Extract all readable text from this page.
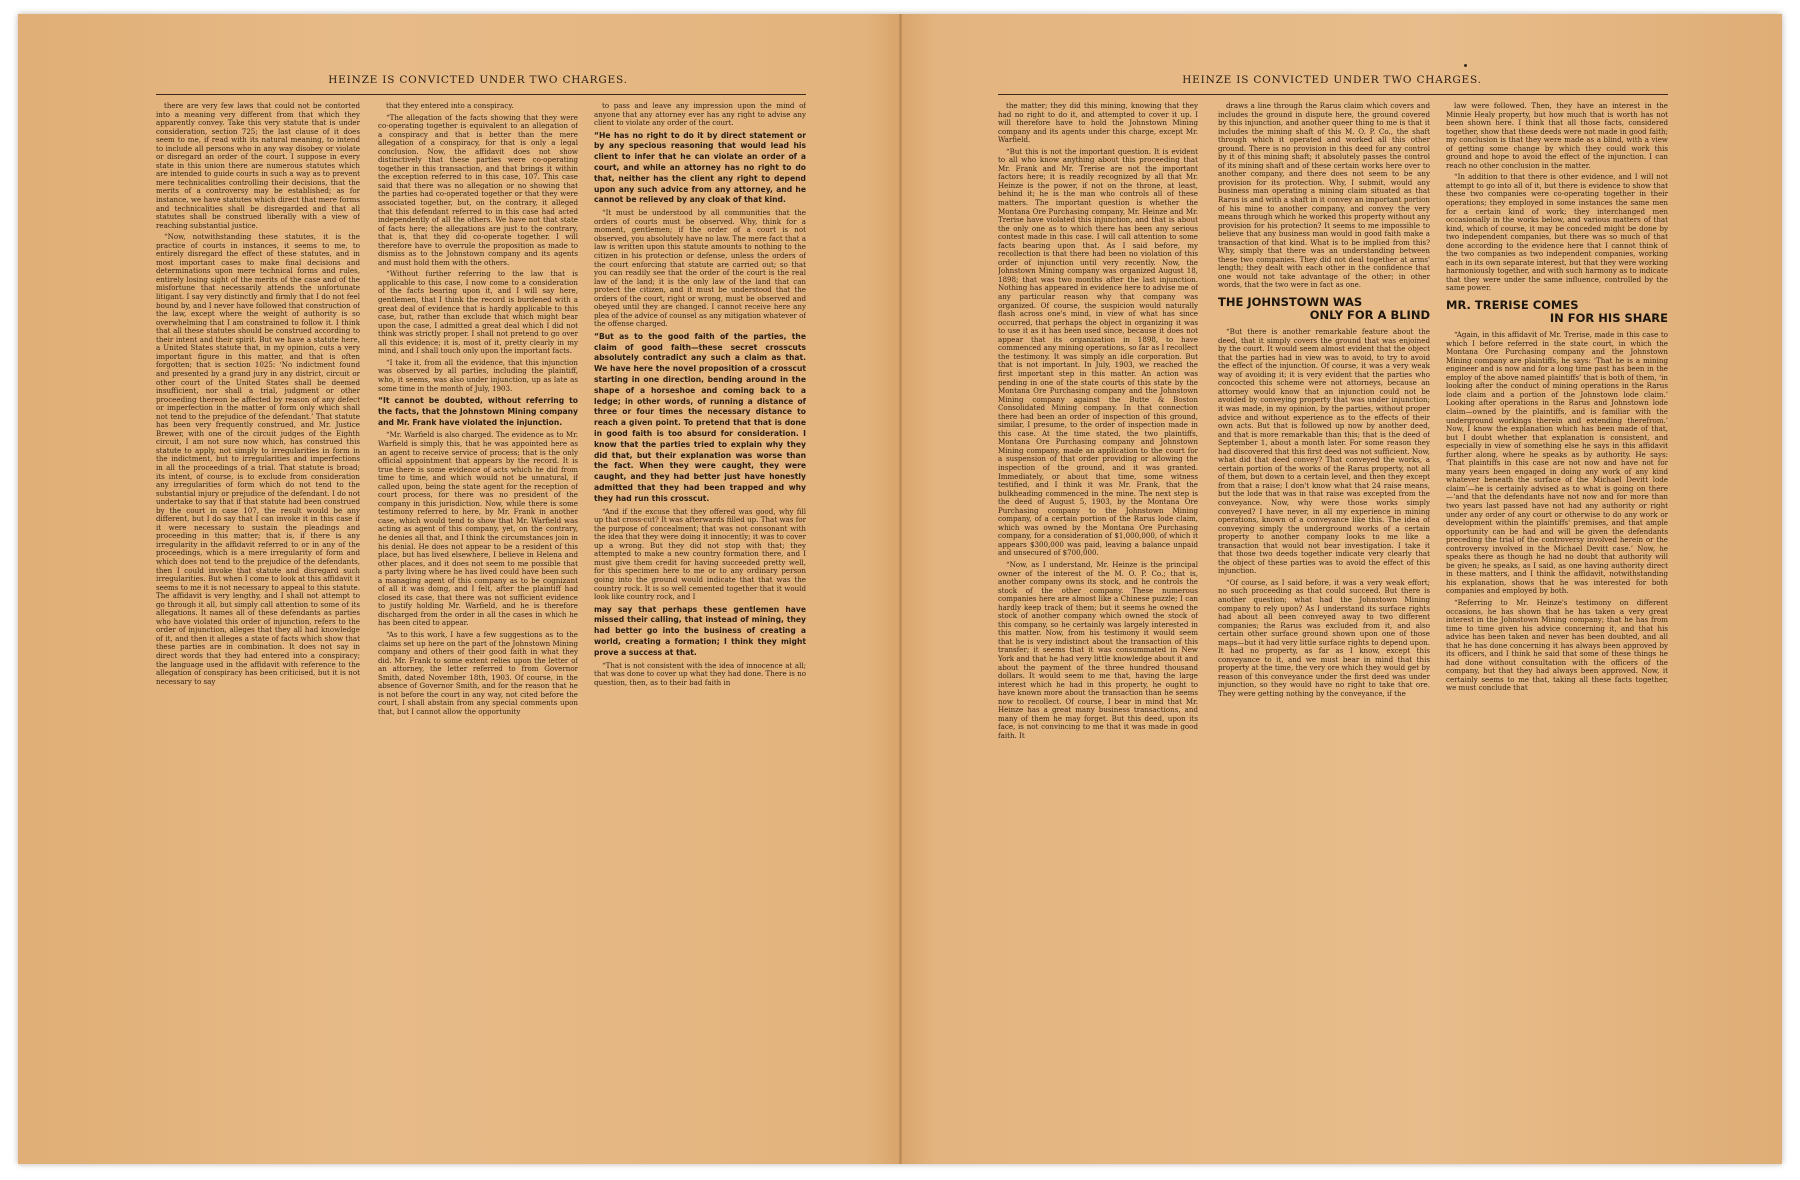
HEINZE IS CONVICTED UNDER TWO CHARGES.

there are very few laws that could not be contorted into a meaning very different from that which they apparently convey. Take this very statute that is under consideration, section 725; the last clause of it does seem to me, if read with its natural meaning, to intend to include all persons who in any way disobey or violate or disregard an order of the court. I suppose in every state in this union there are numerous statutes which are intended to guide courts in such a way as to prevent mere technicalities controlling their decisions, that the merits of a controversy may be established; as for instance, we have statutes which direct that mere forms and technicalities shall be disregarded and that all statutes shall be construed liberally with a view of reaching substantial justice.

“Now, notwithstanding these statutes, it is the practice of courts in instances, it seems to me, to entirely disregard the effect of these statutes, and in most important cases to make final decisions and determinations upon mere technical forms and rules, entirely losing sight of the merits of the case and of the misfortune that necessarily attends the unfortunate litigant. I say very distinctly and firmly that I do not feel bound by, and I never have followed that construction of the law, except where the weight of authority is so overwhelming that I am constrained to follow it. I think that all these statutes should be construed according to their intent and their spirit. But we have a statute here, a United States statute that, in my opinion, cuts a very important figure in this matter, and that is often forgotten; that is section 1025: ‘No indictment found and presented by a grand jury in any district, circuit or other court of the United States shall be deemed insufficient, nor shall a trial, judgment or other proceeding thereon be affected by reason of any defect or imperfection in the matter of form only which shall not tend to the prejudice of the defendant.’ That statute has been very frequently construed, and Mr. Justice Brewer, with one of the circuit judges of the Eighth circuit, I am not sure now which, has construed this statute to apply, not simply to irregularities in form in the indictment, but to irregularities and imperfections in all the proceedings of a trial. That statute is broad; its intent, of course, is to exclude from consideration any irregularities of form which do not tend to the substantial injury or prejudice of the defendant. I do not undertake to say that if that statute had been construed by the court in case 107, the result would be any different, but I do say that I can invoke it in this case if it were necessary to sustain the pleadings and proceeding in this matter; that is, if there is any irregularity in the affidavit referred to or in any of the proceedings, which is a mere irregularity of form and which does not tend to the prejudice of the defendants, then I could invoke that statute and disregard such irregularities. But when I come to look at this affidavit it seems to me it is not necessary to appeal to this statute. The affidavit is very lengthy, and I shall not attempt to go through it all, but simply call attention to some of its allegations. It names all of these defendants as parties who have violated this order of injunction, refers to the order of injunction, alleges that they all had knowledge of it, and then it alleges a state of facts which show that these parties are in combination. It does not say in direct words that they had entered into a conspiracy; the language used in the affidavit with reference to the allegation of conspiracy has been criticised, but it is not necessary to say

that they entered into a conspiracy.

“The allegation of the facts showing that they were co-operating together is equivalent to an allegation of a conspiracy and that is better than the mere allegation of a conspiracy, for that is only a legal conclusion. Now, the affidavit does not show distinctively that these parties were co-operating together in this transaction, and that brings it within the exception referred to in this case, 107. This case said that there was no allegation or no showing that the parties had co-operated together or that they were associated together, but, on the contrary, it alleged that this defendant referred to in this case had acted independently of all the others. We have not that state of facts here; the allegations are just to the contrary, that is, that they did co-operate together. I will therefore have to overrule the proposition as made to dismiss as to the Johnstown company and its agents and must hold them with the others.

“Without further referring to the law that is applicable to this case, I now come to a consideration of the facts bearing upon it, and I will say here, gentlemen, that I think the record is burdened with a great deal of evidence that is hardly applicable to this case, but, rather than exclude that which might bear upon the case, I admitted a great deal which I did not think was strictly proper. I shall not pretend to go over all this evidence; it is, most of it, pretty clearly in my mind, and I shall touch only upon the important facts.

“I take it, from all the evidence, that this injunction was observed by all parties, including the plaintiff, who, it seems, was also under injunction, up as late as some time in the month of July, 1903.

“It cannot be doubted, without referring to the facts, that the Johnstown Mining company and Mr. Frank have violated the injunction.

“Mr. Warfield is also charged. The evidence as to Mr. Warfield is simply this, that he was appointed here as an agent to receive service of process; that is the only official appointment that appears by the record. It is true there is some evidence of acts which he did from time to time, and which would not be unnatural, if called upon, being the state agent for the reception of court process, for there was no president of the company in this jurisdiction. Now, while there is some testimony referred to here, by Mr. Frank in another case, which would tend to show that Mr. Warfield was acting as agent of this company, yet, on the contrary, he denies all that, and I think the circumstances join in his denial. He does not appear to be a resident of this place, but has lived elsewhere, I believe in Helena and other places, and it does not seem to me possible that a party living where he has lived could have been such a managing agent of this company as to be cognizant of all it was doing, and I felt, after the plaintiff had closed its case, that there was not sufficient evidence to justify holding Mr. Warfield, and he is therefore discharged from the order in all the cases in which he has been cited to appear.

“As to this work, I have a few suggestions as to the claims set up here on the part of the Johnstown Mining company and others of their good faith in what they did. Mr. Frank to some extent relies upon the letter of an attorney, the letter referred to from Governor Smith, dated November 18th, 1903. Of course, in the absence of Governor Smith, and for the reason that he is not before the court in any way, not cited before the court, I shall abstain from any special comments upon that, but I cannot allow the opportunity

to pass and leave any impression upon the mind of anyone that any attorney ever has any right to advise any client to violate any order of the court.

“He has no right to do it by direct statement or by any specious reasoning that would lead his client to infer that he can violate an order of a court, and while an attorney has no right to do that, neither has the client any right to depend upon any such advice from any attorney, and he cannot be relieved by any cloak of that kind.

“It must be understood by all communities that the orders of courts must be observed. Why, think for a moment, gentlemen; if the order of a court is not observed, you absolutely have no law. The mere fact that a law is written upon this statute amounts to nothing to the citizen in his protection or defense, unless the orders of the court enforcing that statute are carried out; so that you can readily see that the order of the court is the real law of the land; it is the only law of the land that can protect the citizen, and it must be understood that the orders of the court, right or wrong, must be observed and obeyed until they are changed. I cannot receive here any plea of the advice of counsel as any mitigation whatever of the offense charged.

“But as to the good faith of the parties, the claim of good faith—these secret crosscuts absolutely contradict any such a claim as that. We have here the novel proposition of a crosscut starting in one direction, bending around in the shape of a horseshoe and coming back to a ledge; in other words, of running a distance of three or four times the necessary distance to reach a given point. To pretend that that is done in good faith is too absurd for consideration. I know that the parties tried to explain why they did that, but their explanation was worse than the fact. When they were caught, they were caught, and they had better just have honestly admitted that they had been trapped and why they had run this crosscut.

“And if the excuse that they offered was good, why fill up that cross-cut? It was afterwards filled up. That was for the purpose of concealment; that was not consonant with the idea that they were doing it innocently; it was to cover up a wrong. But they did not stop with that; they attempted to make a new country formation there, and I must give them credit for having succeeded pretty well, for this specimen here to me or to any ordinary person going into the ground would indicate that that was the country rock. It is so well cemented together that it would look like country rock, and I

may say that perhaps these gentlemen have missed their calling, that instead of mining, they had better go into the business of creating a world, creating a formation; I think they might prove a success at that.

“That is not consistent with the idea of innocence at all; that was done to cover up what they had done. There is no question, then, as to their bad faith in

HEINZE IS CONVICTED UNDER TWO CHARGES.

the matter; they did this mining, knowing that they had no right to do it, and attempted to cover it up. I will therefore have to hold the Johnstown Mining company and its agents under this charge, except Mr. Warfield.

“But this is not the important question. It is evident to all who know anything about this proceeding that Mr. Frank and Mr. Trerise are not the important factors here; it is readily recognized by all that Mr. Heinze is the power, if not on the throne, at least, behind it; he is the man who controls all of these matters. The important question is whether the Montana Ore Purchasing company, Mr. Heinze and Mr. Trerise have violated this injunction, and that is about the only one as to which there has been any serious contest made in this case. I will call attention to some facts bearing upon that. As I said before, my recollection is that there had been no violation of this order of injunction until very recently. Now, the Johnstown Mining company was organized August 18, 1898; that was two months after the last injunction. Nothing has appeared in evidence here to advise me of any particular reason why that company was organized. Of course, the suspicion would naturally flash across one's mind, in view of what has since occurred, that perhaps the object in organizing it was to use it as it has been used since, because it does not appear that its organization in 1898, to have commenced any mining operations, so far as I recollect the testimony. It was simply an idle corporation. But that is not important. In July, 1903, we reached the first important step in this matter. An action was pending in one of the state courts of this state by the Montana Ore Purchasing company and the Johnstown Mining company against the Butte & Boston Consolidated Mining company. In that connection there had been an order of inspection of this ground, similar, I presume, to the order of inspection made in this case. At the time stated, the two plaintiffs, Montana Ore Purchasing company and Johnstown Mining company, made an application to the court for a suspension of that order providing or allowing the inspection of the ground, and it was granted. Immediately, or about that time, some witness testified, and I think it was Mr. Frank, that the bulkheading commenced in the mine. The next step is the deed of August 5, 1903, by the Montana Ore Purchasing company to the Johnstown Mining company, of a certain portion of the Rarus lode claim, which was owned by the Montana Ore Purchasing company, for a consideration of $1,000,000, of which it appears $300,000 was paid, leaving a balance unpaid and unsecured of $700,000.

“Now, as I understand, Mr. Heinze is the principal owner of the interest of the M. O. P. Co.; that is, another company owns its stock, and he controls the stock of the other company. These numerous companies here are almost like a Chinese puzzle; I can hardly keep track of them; but it seems he owned the stock of another company which owned the stock of this company, so he certainly was largely interested in this matter. Now, from his testimony it would seem that he is very indistinct about the transaction of this transfer; it seems that it was consummated in New York and that he had very little knowledge about it and about the payment of the three hundred thousand dollars. It would seem to me that, having the large interest which he had in this property, he ought to have known more about the transaction than he seems now to recollect. Of course, I bear in mind that Mr. Heinze has a great many business transactions, and many of them he may forget. But this deed, upon its face, is not convincing to me that it was made in good faith. It

draws a line through the Rarus claim which covers and includes the ground in dispute here, the ground covered by this injunction, and another queer thing to me is that it includes the mining shaft of this M. O. P. Co., the shaft through which it operated and worked all this other ground. There is no provision in this deed for any control by it of this mining shaft; it absolutely passes the control of its mining shaft and of these certain works here over to another company, and there does not seem to be any provision for its protection. Why, I submit, would any business man operating a mining claim situated as that Rarus is and with a shaft in it convey an important portion of his mine to another company, and convey the very means through which he worked this property without any provision for his protection? It seems to me impossible to believe that any business man would in good faith make a transaction of that kind. What is to be implied from this? Why, simply that there was an understanding between these two companies. They did not deal together at arms' length; they dealt with each other in the confidence that one would not take advantage of the other; in other words, that the two were in fact as one.

THE JOHNSTOWN WAS
ONLY FOR A BLIND

“But there is another remarkable feature about the deed, that it simply covers the ground that was enjoined by the court. It would seem almost evident that the object that the parties had in view was to avoid, to try to avoid the effect of the injunction. Of course, it was a very weak way of avoiding it; it is very evident that the parties who concocted this scheme were not attorneys, because an attorney would know that an injunction could not be avoided by conveying property that was under injunction; it was made, in my opinion, by the parties, without proper advice and without experience as to the effects of their own acts. But that is followed up now by another deed, and that is more remarkable than this; that is the deed of September 1, about a month later. For some reason they had discovered that this first deed was not sufficient. Now, what did that deed convey? That conveyed the works, a certain portion of the works of the Rarus property, not all of them, but down to a certain level, and then they except from that a raise; I don't know what that 24 raise means, but the lode that was in that raise was excepted from the conveyance. Now, why were those works simply conveyed? I have never, in all my experience in mining operations, known of a conveyance like this. The idea of conveying simply the underground works of a certain property to another company looks to me like a transaction that would not bear investigation. I take it that those two deeds together indicate very clearly that the object of these parties was to avoid the effect of this injunction.

“Of course, as I said before, it was a very weak effort; no such proceeding as that could succeed. But there is another question; what had the Johnstown Mining company to rely upon? As I understand its surface rights had about all been conveyed away to two different companies; the Rarus was excluded from it, and also certain other surface ground shown upon one of those maps—but it had very little surface rights to depend upon. It had no property, as far as I know, except this conveyance to it, and we must bear in mind that this property at the time, the very ore which they would get by reason of this conveyance under the first deed was under injunction, so they would have no right to take that ore. They were getting nothing by the conveyance, if the

law were followed. Then, they have an interest in the Minnie Healy property, but how much that is worth has not been shown here. I think that all those facts, considered together, show that these deeds were not made in good faith; my conclusion is that they were made as a blind, with a view of getting some change by which they could work this ground and hope to avoid the effect of the injunction. I can reach no other conclusion in the matter.

“In addition to that there is other evidence, and I will not attempt to go into all of it, but there is evidence to show that these two companies were co-operating together in their operations; they employed in some instances the same men for a certain kind of work; they interchanged men occasionally in the works below, and various matters of that kind, which of course, it may be conceded might be done by two independent companies, but there was so much of that done according to the evidence here that I cannot think of the two companies as two independent companies, working each in its own separate interest, but that they were working harmoniously together, and with such harmony as to indicate that they were under the same influence, controlled by the same power.

MR. TRERISE COMES
IN FOR HIS SHARE

“Again, in this affidavit of Mr. Trerise, made in this case to which I before referred in the state court, in which the Montana Ore Purchasing company and the Johnstown Mining company are plaintiffs, he says: ‘That he is a mining engineer and is now and for a long time past has been in the employ of the above named plaintiffs’ that is both of them, ‘in looking after the conduct of mining operations in the Rarus lode claim and a portion of the Johnstown lode claim.’ Looking after operations in the Rarus and Johnstown lode claim—owned by the plaintiffs, and is familiar with the underground workings therein and extending therefrom.’ Now, I know the explanation which has been made of that, but I doubt whether that explanation is consistent, and especially in view of something else he says in this affidavit further along, where he speaks as by authority. He says: ‘That plaintiffs in this case are not now and have not for many years been engaged in doing any work of any kind whatever beneath the surface of the Michael Devitt lode claim’—he is certainly advised as to what is going on there—‘and that the defendants have not now and for more than two years last passed have not had any authority or right under any order of any court or otherwise to do any work or development within the plaintiffs' premises, and that ample opportunity can be had and will be given the defendants preceding the trial of the controversy involved herein or the controversy involved in the Michael Devitt case.’ Now, he speaks there as though he had no doubt that authority will be given; he speaks, as I said, as one having authority direct in these matters, and I think the affidavit, notwithstanding his explanation, shows that he was interested for both companies and employed by both.

“Referring to Mr. Heinze's testimony on different occasions, he has shown that he has taken a very great interest in the Johnstown Mining company; that he has from time to time given his advice concerning it, and that his advice has been taken and never has been doubted, and all that he has done concerning it has always been approved by its officers, and I think he said that some of these things he had done without consultation with the officers of the company, but that they had always been approved. Now, it certainly seems to me that, taking all these facts together, we must conclude that
